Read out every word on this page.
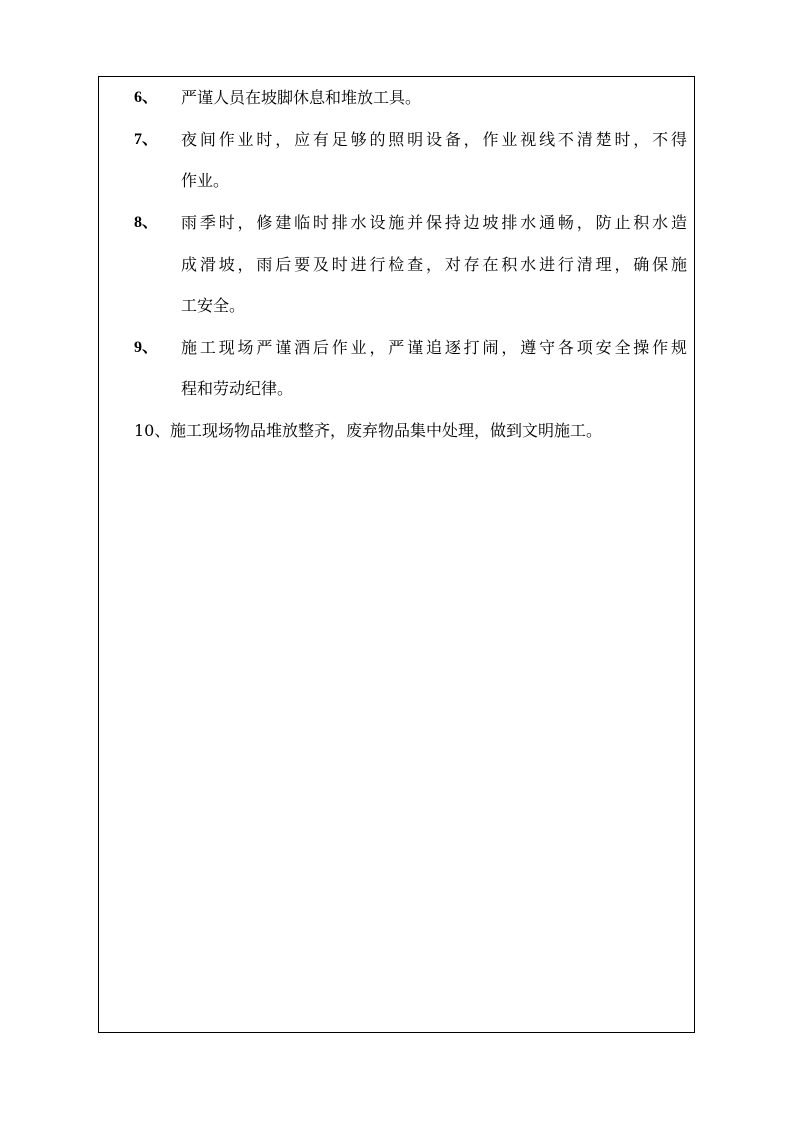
6、 严谨人员在坡脚休息和堆放工具。
7、 夜间作业时，应有足够的照明设备，作业视线不清楚时，不得
作业。
8、 雨季时，修建临时排水设施并保持边坡排水通畅，防止积水造
成滑坡，雨后要及时进行检查，对存在积水进行清理，确保施
工安全。
9、 施工现场严谨酒后作业，严谨追逐打闹，遵守各项安全操作规
程和劳动纪律。
10、 施工现场物品堆放整齐，废弃物品集中处理，做到文明施工。
